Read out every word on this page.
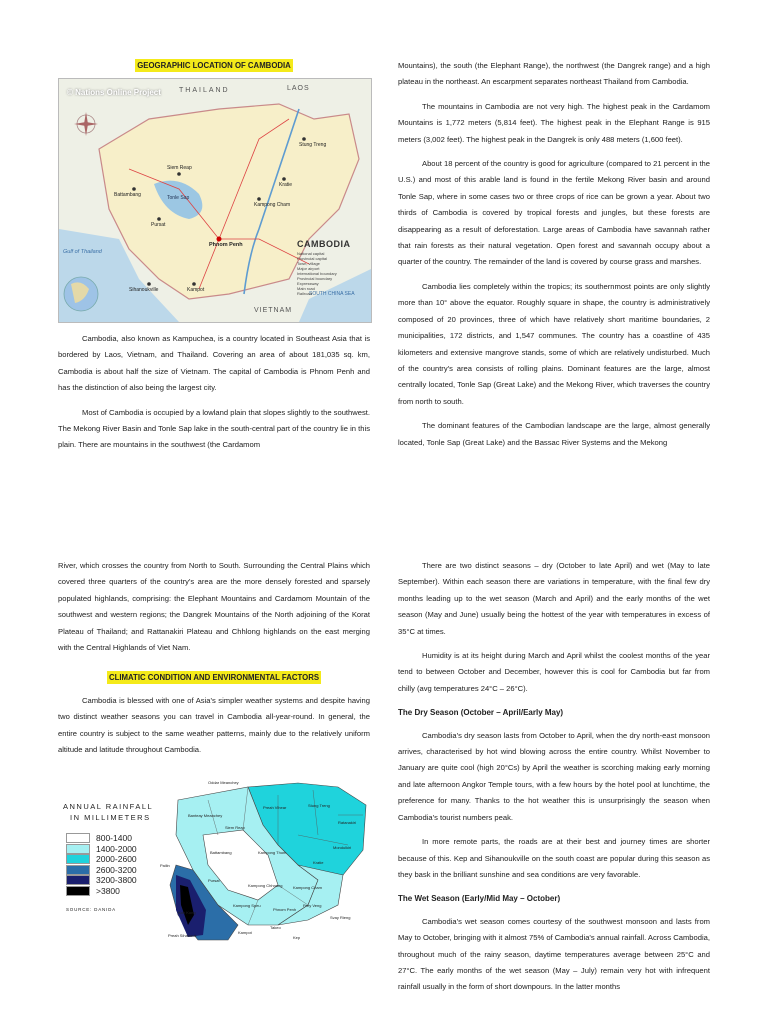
GEOGRAPHIC LOCATION OF CAMBODIA
© Nations Online Project	THAILAND	LAOS
VIETNAM
Gulf of Thailand
SOUTH CHINA SEA
Phnom Penh
Siem Reap
Battambang
Kampong Cham
Kampot
Stung Treng
Kratie
Pursat
Sihanoukville
Tonle Sap
CAMBODIA
National capital
Provincial capital
Town, village
Major airport
International boundary
Provincial boundary
Expressway
Main road
Railroad

Cambodia, also known as Kampuchea, is a country located in Southeast Asia that is bordered by Laos, Vietnam, and Thailand. Covering an area of about 181,035 sq. km, Cambodia is about half the size of Vietnam. The capital of Cambodia is Phnom Penh and has the distinction of also being the largest city.

Most of Cambodia is occupied by a lowland plain that slopes slightly to the southwest. The Mekong River Basin and Tonle Sap lake in the south-central part of the country lie in this plain. There are mountains in the southwest (the Cardamom

Mountains), the south (the Elephant Range), the northwest (the Dangrek range) and a high plateau in the northeast. An escarpment separates northeast Thailand from Cambodia.

The mountains in Cambodia are not very high. The highest peak in the Cardamom Mountains is 1,772 meters (5,814 feet). The highest peak in the Elephant Range is 915 meters (3,002 feet). The highest peak in the Dangrek is only 488 meters (1,600 feet).

About 18 percent of the country is good for agriculture (compared to 21 percent in the U.S.) and most of this arable land is found in the fertile Mekong River basin and around Tonle Sap, where in some cases two or three crops of rice can be grown a year. About two thirds of Cambodia is covered by tropical forests and jungles, but these forests are disappearing as a result of deforestation. Large areas of Cambodia have savannah rather that rain forests as their natural vegetation. Open forest and savannah occupy about a quarter of the country. The remainder of the land is covered by course grass and marshes.

Cambodia lies completely within the tropics; its southernmost points are only slightly more than 10° above the equator. Roughly square in shape, the country is administratively composed of 20 provinces, three of which have relatively short maritime boundaries, 2 municipalities, 172 districts, and 1,547 communes. The country has a coastline of 435 kilometers and extensive mangrove stands, some of which are relatively undisturbed. Much of the country's area consists of rolling plains. Dominant features are the large, almost centrally located, Tonle Sap (Great Lake) and the Mekong River, which traverses the country from north to south.

The dominant features of the Cambodian landscape are the large, almost generally located, Tonle Sap (Great Lake) and the Bassac River Systems and the Mekong

River, which crosses the country from North to South. Surrounding the Central Plains which covered three quarters of the country's area are the more densely forested and sparsely populated highlands, comprising: the Elephant Mountains and Cardamom Mountain of the southwest and western regions; the Dangrek Mountains of the North adjoining of the Korat Plateau of Thailand; and Rattanakiri Plateau and Chhlong highlands on the east merging with the Central Highlands of Viet Nam.

CLIMATIC CONDITION AND ENVIRONMENTAL FACTORS

Cambodia is blessed with one of Asia's simpler weather systems and despite having two distinct weather seasons you can travel in Cambodia all-year-round. In general, the entire country is subject to the same weather patterns, mainly due to the relatively uniform altitude and latitude throughout Cambodia.

ANNUAL RAINFALL
IN MILLIMETERS
800-1400
1400-2000
2000-2600
2600-3200
3200-3800
>3800
SOURCE: DANIDA
Oddar Meanchey
Preah Vihear	Stung Treng
Ratanakiri
Banteay Meanchey
Siem Reap
Kampong Thom
Kratie
Mondulkiri
Battambang
Pailin
Pursat
Kampong Cham
Kampong Chhnang
Koh Kong
Kampong Speu
Phnom Penh
Prey Veng
Svay Rieng
Takeo
Kampot
Preah Sihanouk	Kep

There are two distinct seasons – dry (October to late April) and wet (May to late September). Within each season there are variations in temperature, with the final few dry months leading up to the wet season (March and April) and the early months of the wet season (May and June) usually being the hottest of the year with temperatures in excess of 35°C at times.

Humidity is at its height during March and April whilst the coolest months of the year tend to between October and December, however this is cool for Cambodia but far from chilly (avg temperatures 24°C – 26°C).

The Dry Season (October – April/Early May)

Cambodia's dry season lasts from October to April, when the dry north-east monsoon arrives, characterised by hot wind blowing across the entire country. Whilst November to January are quite cool (high 20°Cs) by April the weather is scorching making early morning and late afternoon Angkor Temple tours, with a few hours by the hotel pool at lunchtime, the preference for many. Thanks to the hot weather this is unsurprisingly the season when Cambodia's tourist numbers peak.

In more remote parts, the roads are at their best and journey times are shorter because of this. Kep and Sihanoukville on the south coast are popular during this season as they bask in the brilliant sunshine and sea conditions are very favorable.

The Wet Season (Early/Mid May – October)

Cambodia's wet season comes courtesy of the southwest monsoon and lasts from May to October, bringing with it almost 75% of Cambodia's annual rainfall. Across Cambodia, throughout much of the rainy season, daytime temperatures average between 25°C and 27°C. The early months of the wet season (May – July) remain very hot with infrequent rainfall usually in the form of short downpours. In the latter months
